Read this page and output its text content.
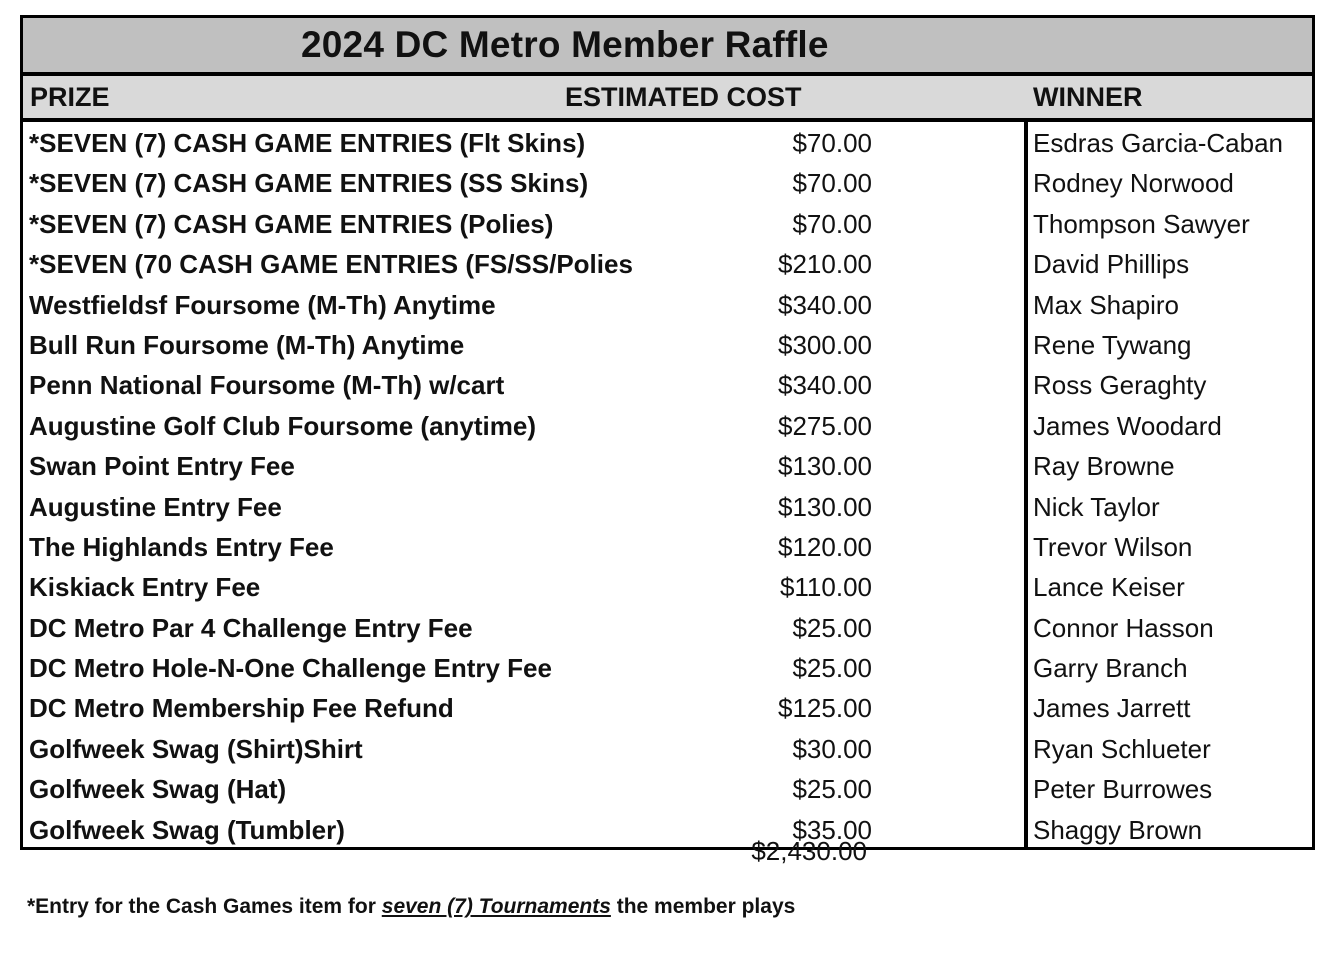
2024 DC Metro Member Raffle
PRIZE	ESTIMATED COST	WINNER
*SEVEN (7) CASH GAME ENTRIES (Flt Skins)	$70.00	Esdras Garcia-Caban
*SEVEN (7) CASH GAME ENTRIES (SS Skins)	$70.00	Rodney Norwood
*SEVEN (7) CASH GAME ENTRIES (Polies)	$70.00	Thompson Sawyer
*SEVEN (70 CASH GAME ENTRIES (FS/SS/Polies	$210.00	David Phillips
Westfieldsf Foursome (M-Th) Anytime	$340.00	Max Shapiro
Bull Run Foursome (M-Th) Anytime	$300.00	Rene Tywang
Penn National Foursome (M-Th) w/cart	$340.00	Ross Geraghty
Augustine Golf Club Foursome (anytime)	$275.00	James Woodard
Swan Point Entry Fee	$130.00	Ray Browne
Augustine Entry Fee	$130.00	Nick Taylor
The Highlands Entry Fee	$120.00	Trevor Wilson
Kiskiack Entry Fee	$110.00	Lance Keiser
DC Metro Par 4 Challenge Entry Fee	$25.00	Connor Hasson
DC Metro Hole-N-One Challenge Entry Fee	$25.00	Garry Branch
DC Metro Membership Fee Refund	$125.00	James Jarrett
Golfweek Swag (Shirt)Shirt	$30.00	Ryan Schlueter
Golfweek Swag (Hat)	$25.00	Peter Burrowes
Golfweek Swag (Tumbler)	$35.00	Shaggy Brown
$2,430.00
*Entry for the Cash Games item for seven (7) Tournaments the member plays
